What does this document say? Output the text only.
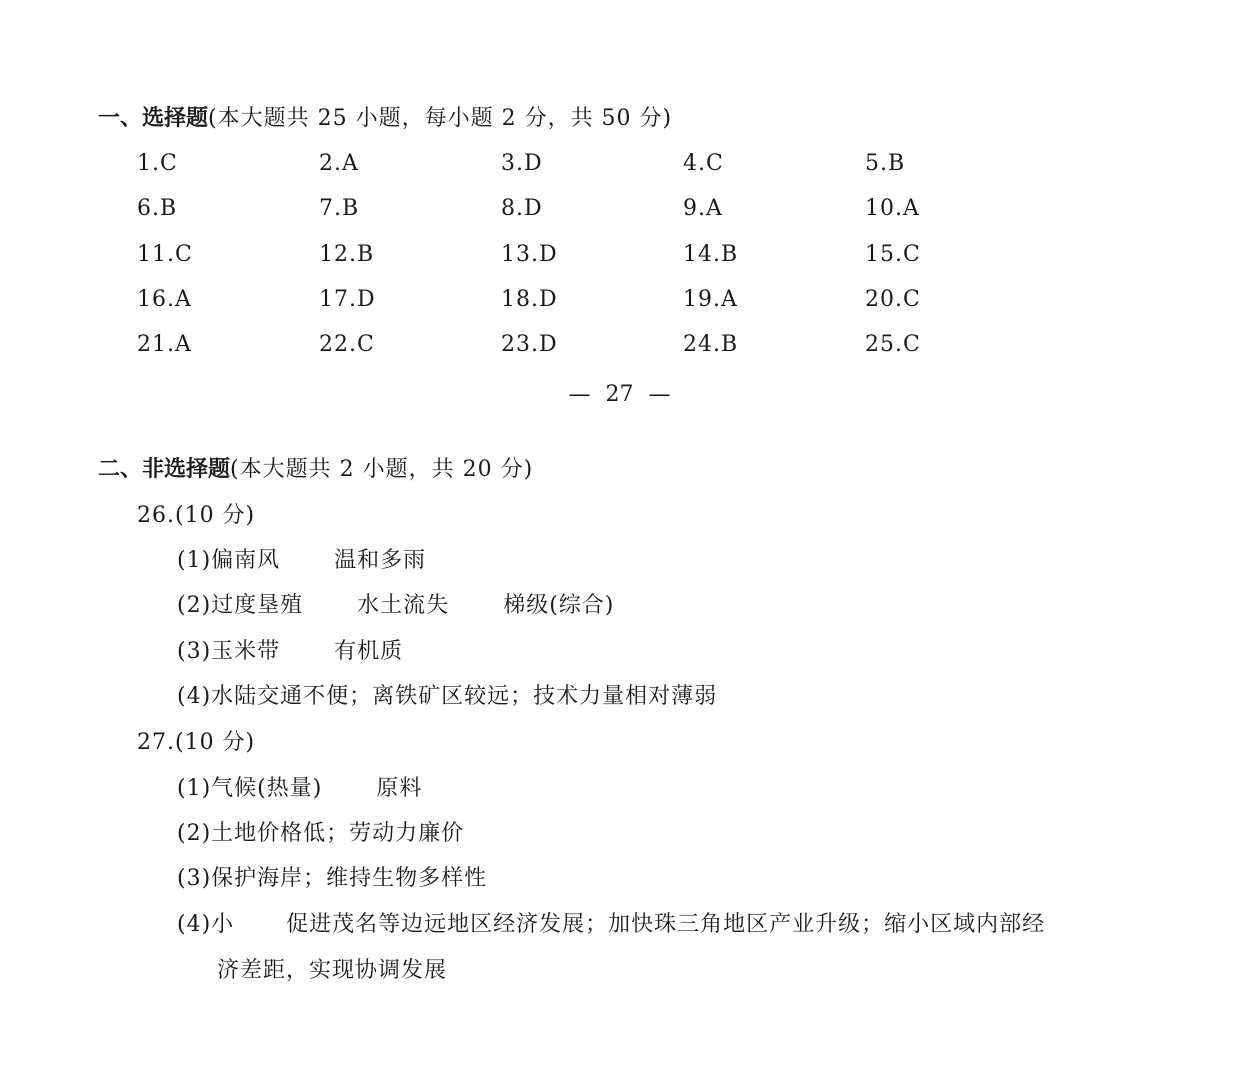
一、选择题(本大题共 25 小题，每小题 2 分，共 50 分)
1.C	2.A	3.D	4.C	5.B
6.B	7.B	8.D	9.A	10.A
11.C	12.B	13.D	14.B	15.C
16.A	17.D	18.D	19.A	20.C
21.A	22.C	23.D	24.B	25.C
— 27 —
二、非选择题(本大题共 2 小题，共 20 分)
26.(10 分)
(1)偏南风 温和多雨
(2)过度垦殖 水土流失 梯级(综合)
(3)玉米带 有机质
(4)水陆交通不便；离铁矿区较远；技术力量相对薄弱
27.(10 分)
(1)气候(热量) 原料
(2)土地价格低；劳动力廉价
(3)保护海岸；维持生物多样性
(4)小 促进茂名等边远地区经济发展；加快珠三角地区产业升级；缩小区域内部经
济差距，实现协调发展
